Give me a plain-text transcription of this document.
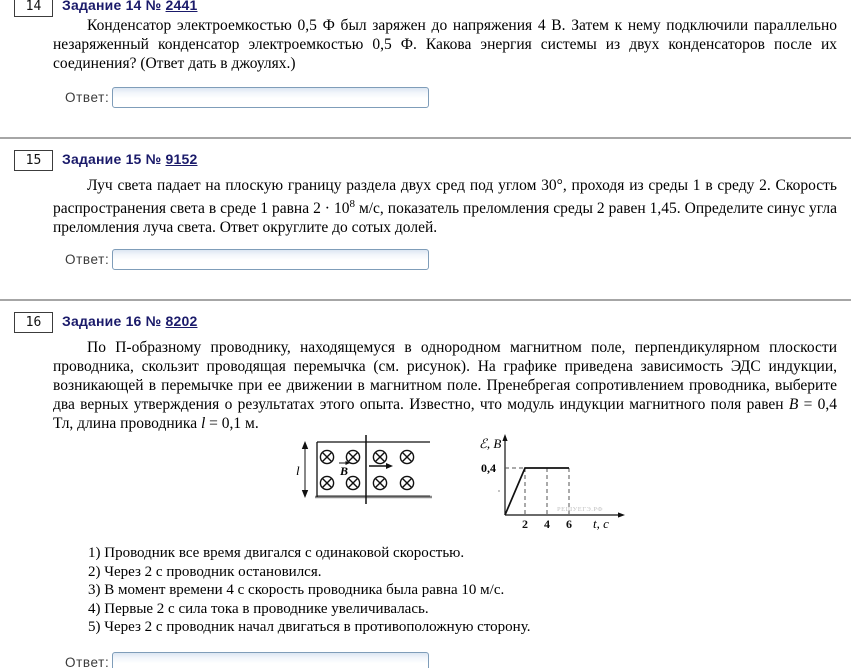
14	Задание 14 № 2441

Конденсатор электроемкостью 0,5 Ф был заряжен до напряжения 4 В. Затем к нему подключили параллельно незаряженный конденсатор электроемкостью 0,5 Ф. Какова энергия системы из двух конденсаторов после их соединения? (Ответ дать в джоулях.)

Ответ:
15	Задание 15 № 9152

Луч света падает на плоскую границу раздела двух сред под углом 30°, проходя из среды 1 в среду 2. Скорость распространения света в среде 1 равна $2 \cdot 10^8$ м/с, показатель преломления среды 2 равен 1,45. Определите синус угла преломления луча света. Ответ округлите до сотых долей.

Ответ:
16	Задание 16 № 8202

По П-образному проводнику, находящемуся в однородном магнитном поле, перпендикулярном плоскости проводника, скользит проводящая перемычка (см. рисунок). На графике приведена зависимость ЭДС индукции, возникающей в перемычке при ее движении в магнитном поле. Пренебрегая сопротивлением проводника, выберите два верных утверждения о результатах этого опыта. Известно, что модуль индукции магнитного поля равен B = 0,4 Тл, длина проводника l = 0,1 м.

l	B
ℰ, В
t, с
0,4
2 4 6
РЕШУЕГЭ.РФ
1) Проводник все время двигался с одинаковой скоростью.
2) Через 2 с проводник остановился.
3) В момент времени 4 с скорость проводника была равна 10 м/с.
4) Первые 2 с сила тока в проводнике увеличивалась.
5) Через 2 с проводник начал двигаться в противоположную сторону.
Ответ:
